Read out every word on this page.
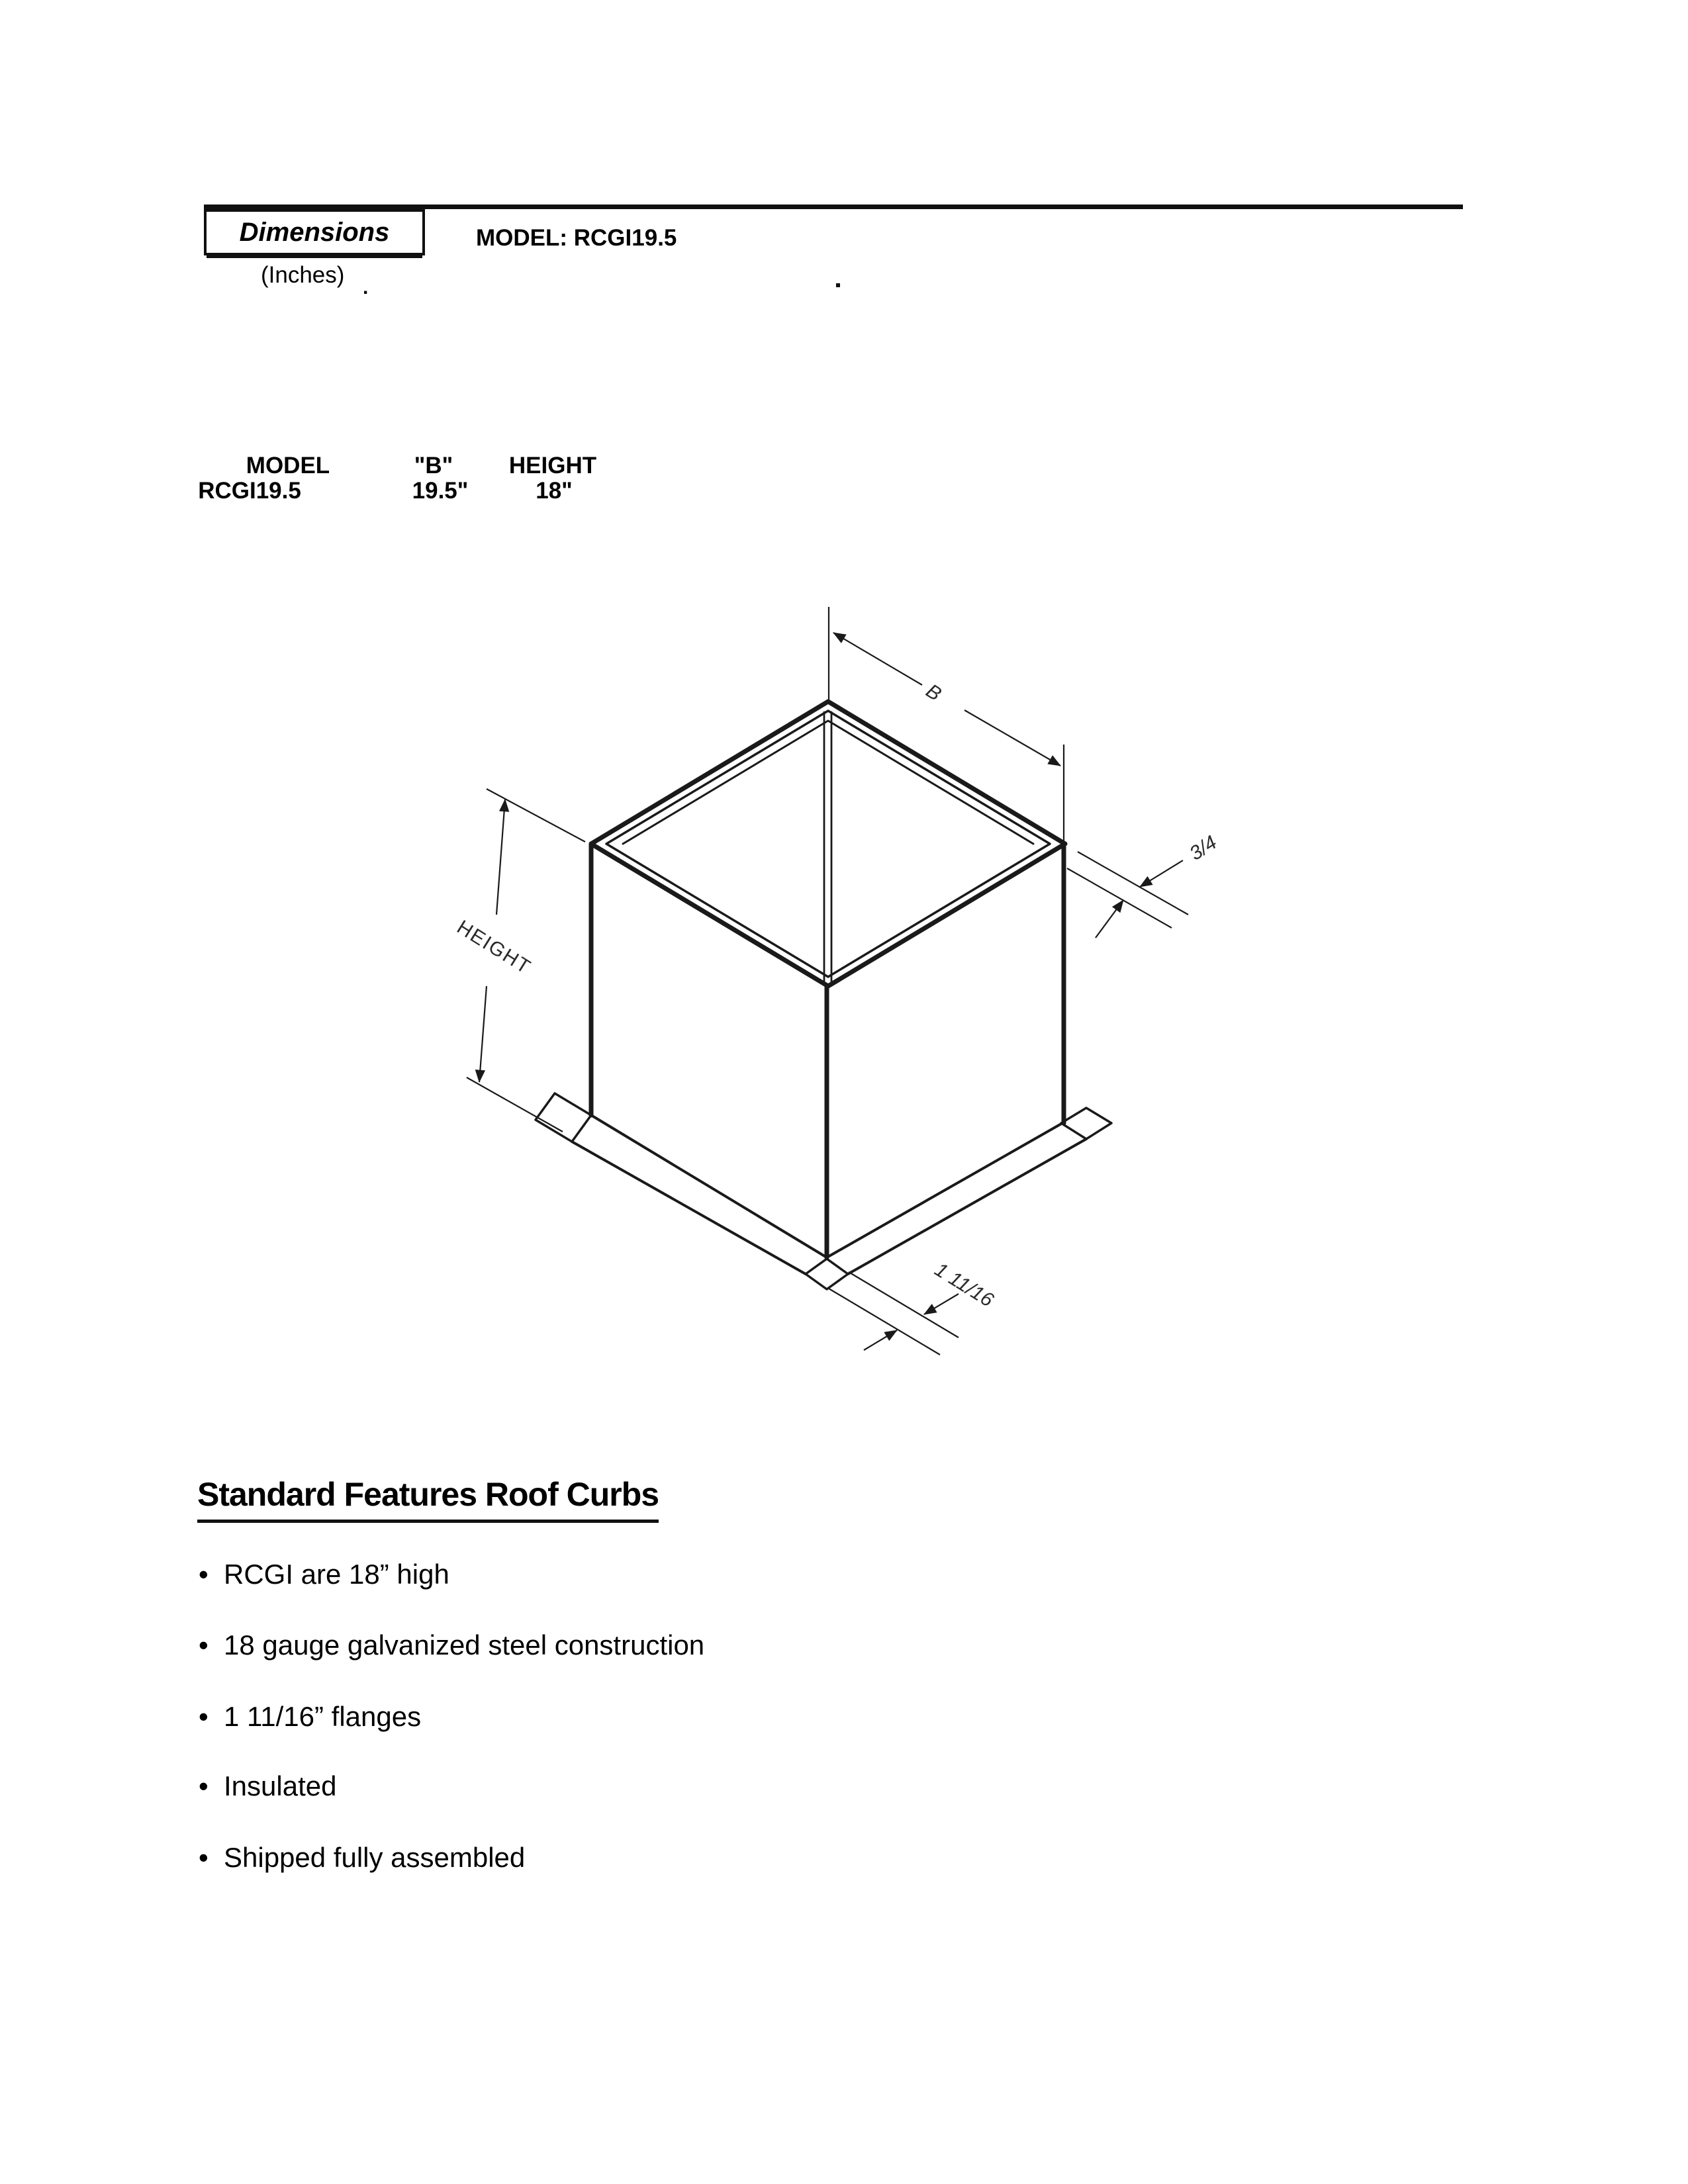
Dimensions
(Inches)
MODEL: RCGI19.5
.
MODEL	"B"	HEIGHT
RCGI19.5	19.5"	18"
B
HEIGHT
3/4
1 11/16
Standard Features Roof Curbs
• RCGI are 18” high
• 18 gauge galvanized steel construction
• 1 11/16” flanges
• Insulated
• Shipped fully assembled
